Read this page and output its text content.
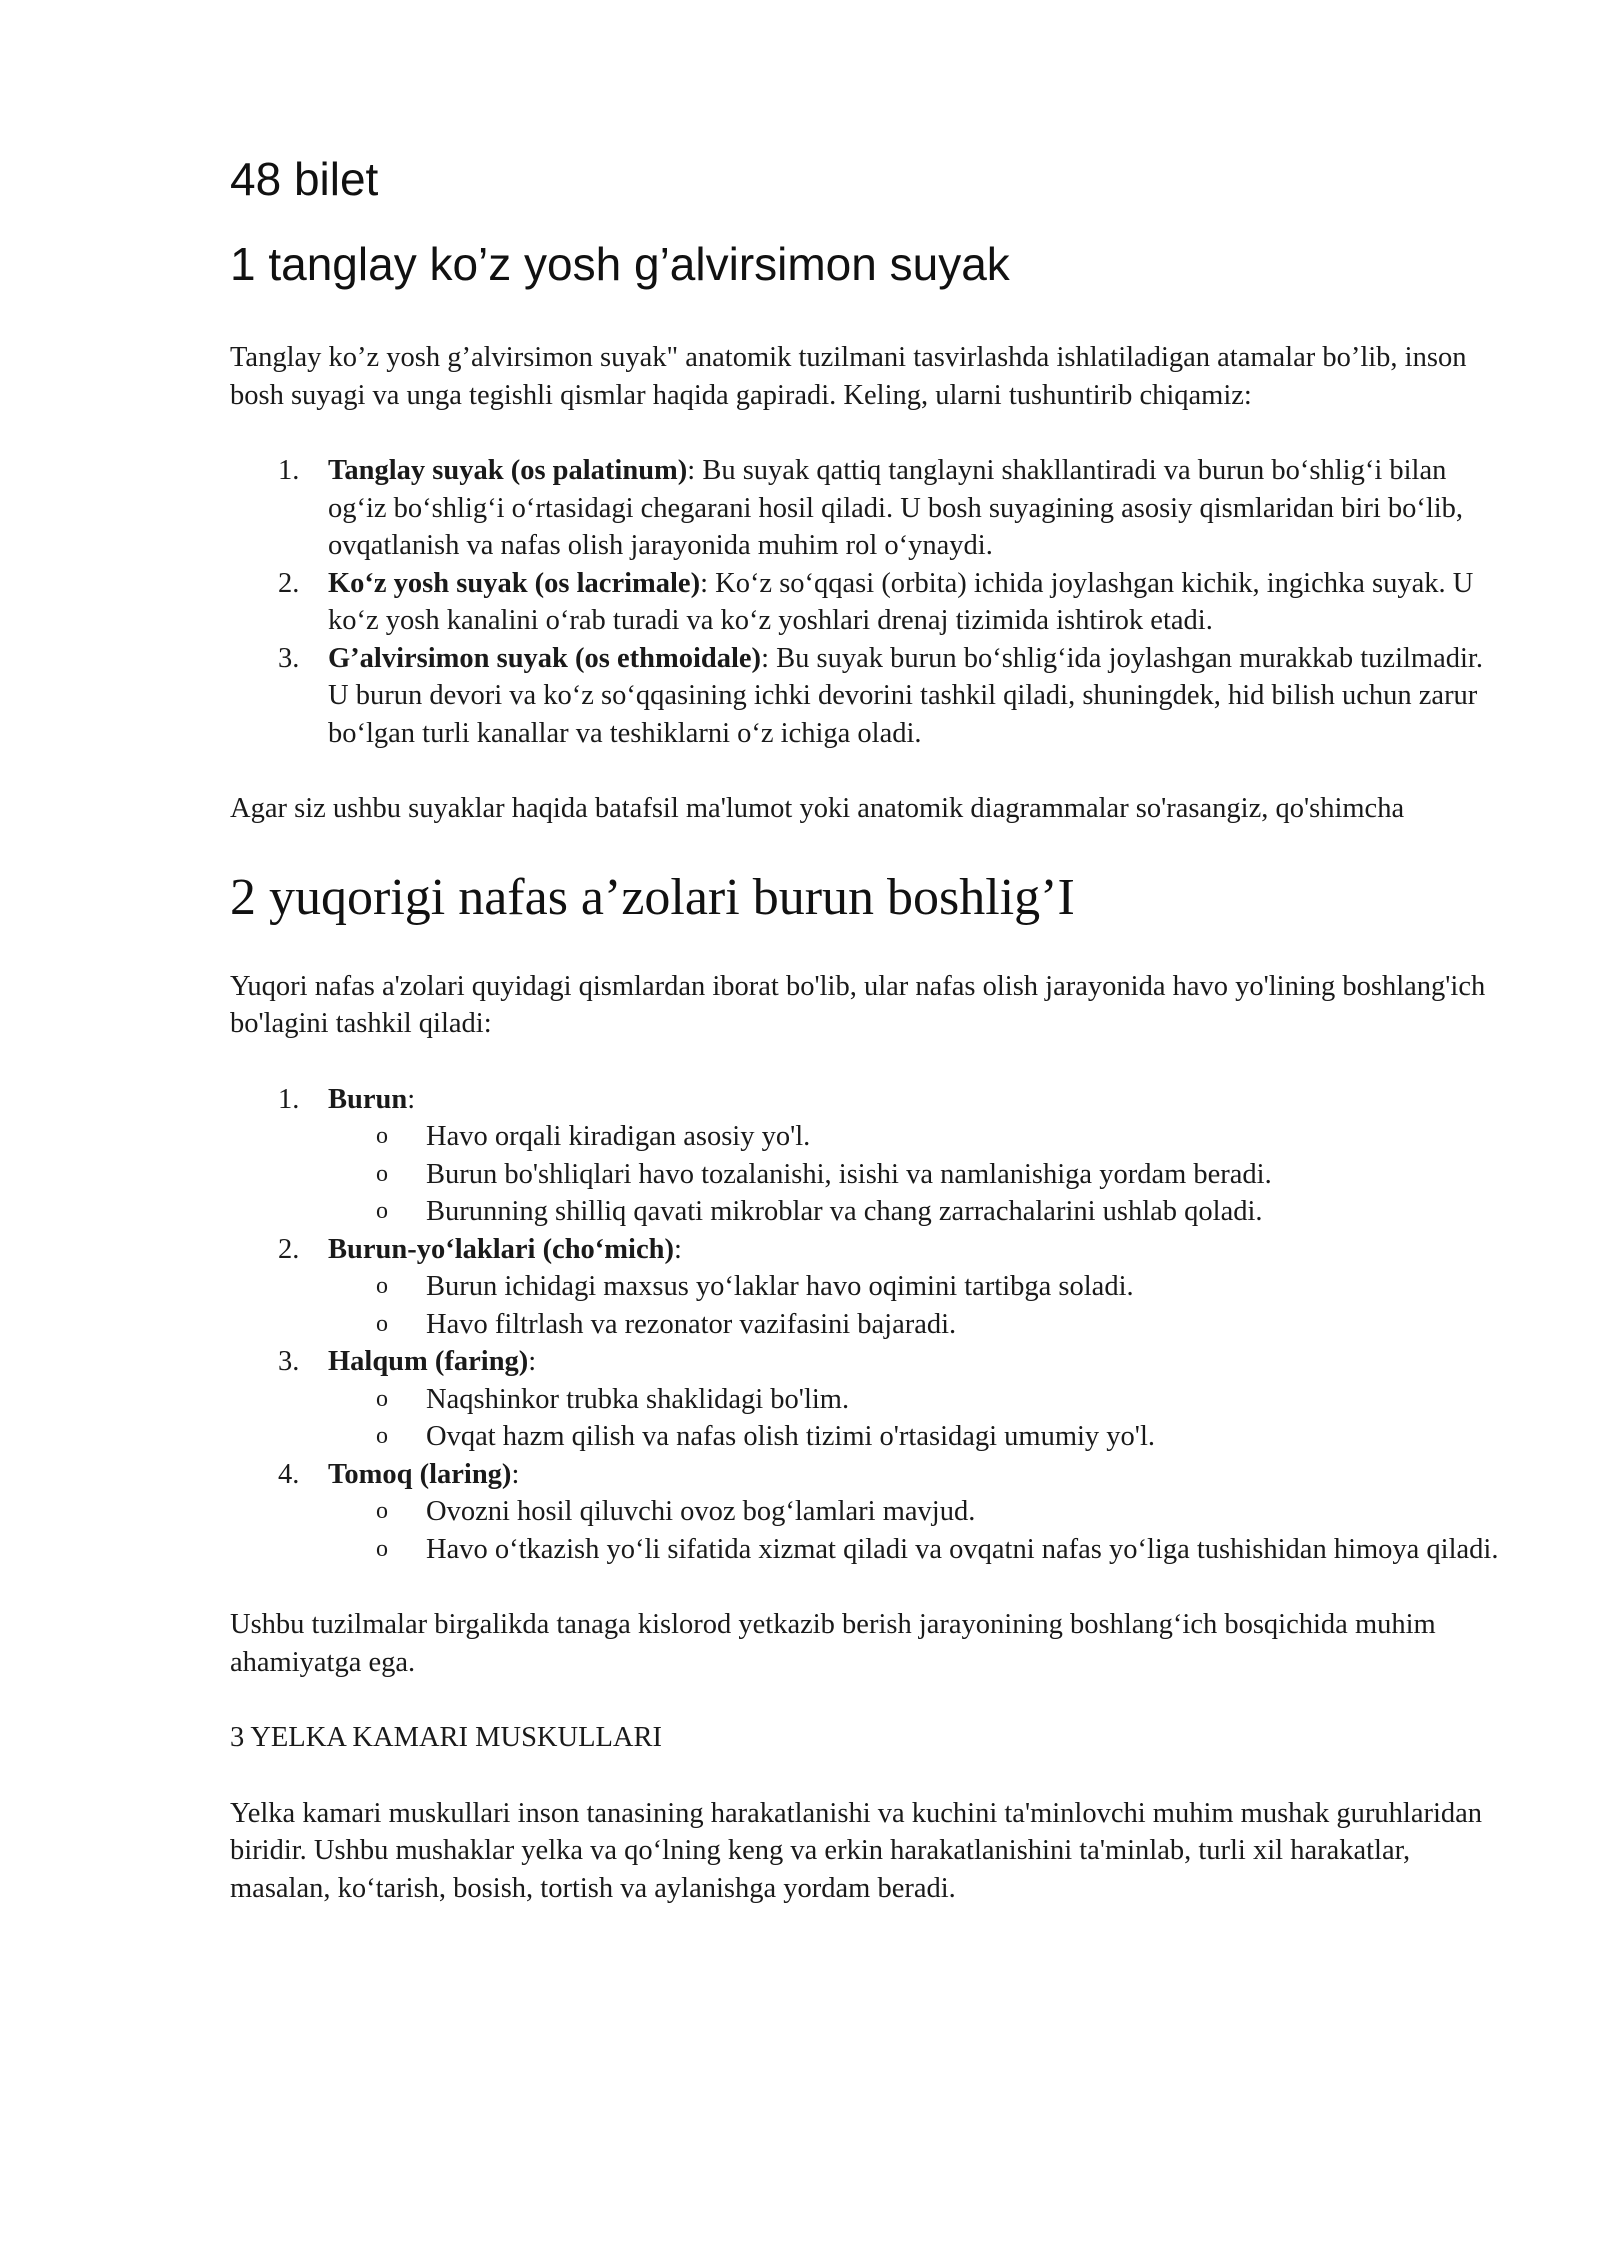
48 bilet
1 tanglay ko’z yosh g’alvirsimon suyak

Tanglay ko’z yosh g’alvirsimon suyak" anatomik tuzilmani tasvirlashda ishlatiladigan atamalar bo’lib, inson bosh suyagi va unga tegishli qismlar haqida gapiradi. Keling, ularni tushuntirib chiqamiz:

1. Tanglay suyak (os palatinum): Bu suyak qattiq tanglayni shakllantiradi va burun bo‘shlig‘i bilan og‘iz bo‘shlig‘i o‘rtasidagi chegarani hosil qiladi. U bosh suyagining asosiy qismlaridan biri bo‘lib, ovqatlanish va nafas olish jarayonida muhim rol o‘ynaydi.
2. Ko‘z yosh suyak (os lacrimale): Ko‘z so‘qqasi (orbita) ichida joylashgan kichik, ingichka suyak. U ko‘z yosh kanalini o‘rab turadi va ko‘z yoshlari drenaj tizimida ishtirok etadi.
3. G’alvirsimon suyak (os ethmoidale): Bu suyak burun bo‘shlig‘ida joylashgan murakkab tuzilmadir. U burun devori va ko‘z so‘qqasining ichki devorini tashkil qiladi, shuningdek, hid bilish uchun zarur bo‘lgan turli kanallar va teshiklarni o‘z ichiga oladi.

Agar siz ushbu suyaklar haqida batafsil ma'lumot yoki anatomik diagrammalar so'rasangiz, qo'shimcha

2 yuqorigi nafas a’zolari burun boshlig’I

Yuqori nafas a'zolari quyidagi qismlardan iborat bo'lib, ular nafas olish jarayonida havo yo'lining boshlang'ich bo'lagini tashkil qiladi:

1. Burun:
o Havo orqali kiradigan asosiy yo'l.
o Burun bo'shliqlari havo tozalanishi, isishi va namlanishiga yordam beradi.
o Burunning shilliq qavati mikroblar va chang zarrachalarini ushlab qoladi.
2. Burun-yo‘laklari (cho‘mich):
o Burun ichidagi maxsus yo‘laklar havo oqimini tartibga soladi.
o Havo filtrlash va rezonator vazifasini bajaradi.
3. Halqum (faring):
o Naqshinkor trubka shaklidagi bo'lim.
o Ovqat hazm qilish va nafas olish tizimi o'rtasidagi umumiy yo'l.
4. Tomoq (laring):
o Ovozni hosil qiluvchi ovoz bog‘lamlari mavjud.
o Havo o‘tkazish yo‘li sifatida xizmat qiladi va ovqatni nafas yo‘liga tushishidan himoya qiladi.

Ushbu tuzilmalar birgalikda tanaga kislorod yetkazib berish jarayonining boshlang‘ich bosqichida muhim ahamiyatga ega.

3 YELKA KAMARI MUSKULLARI

Yelka kamari muskullari inson tanasining harakatlanishi va kuchini ta'minlovchi muhim mushak guruhlaridan biridir. Ushbu mushaklar yelka va qo‘lning keng va erkin harakatlanishini ta'minlab, turli xil harakatlar, masalan, ko‘tarish, bosish, tortish va aylanishga yordam beradi.
